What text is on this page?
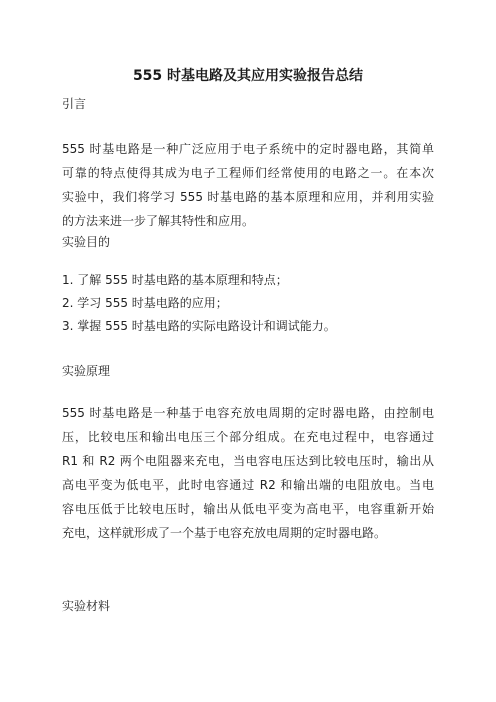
555 时基电路及其应用实验报告总结
引言
555 时基电路是一种广泛应用于电子系统中的定时器电路，其简单
可靠的特点使得其成为电子工程师们经常使用的电路之一。在本次
实验中，我们将学习 555 时基电路的基本原理和应用，并利用实验
的方法来进一步了解其特性和应用。
实验目的
1. 了解 555 时基电路的基本原理和特点；
2. 学习 555 时基电路的应用；
3. 掌握 555 时基电路的实际电路设计和调试能力。
实验原理
555 时基电路是一种基于电容充放电周期的定时器电路，由控制电
压，比较电压和输出电压三个部分组成。在充电过程中，电容通过
R1 和 R2 两个电阻器来充电，当电容电压达到比较电压时，输出从
高电平变为低电平，此时电容通过 R2 和输出端的电阻放电。当电
容电压低于比较电压时，输出从低电平变为高电平，电容重新开始
充电，这样就形成了一个基于电容充放电周期的定时器电路。
实验材料
